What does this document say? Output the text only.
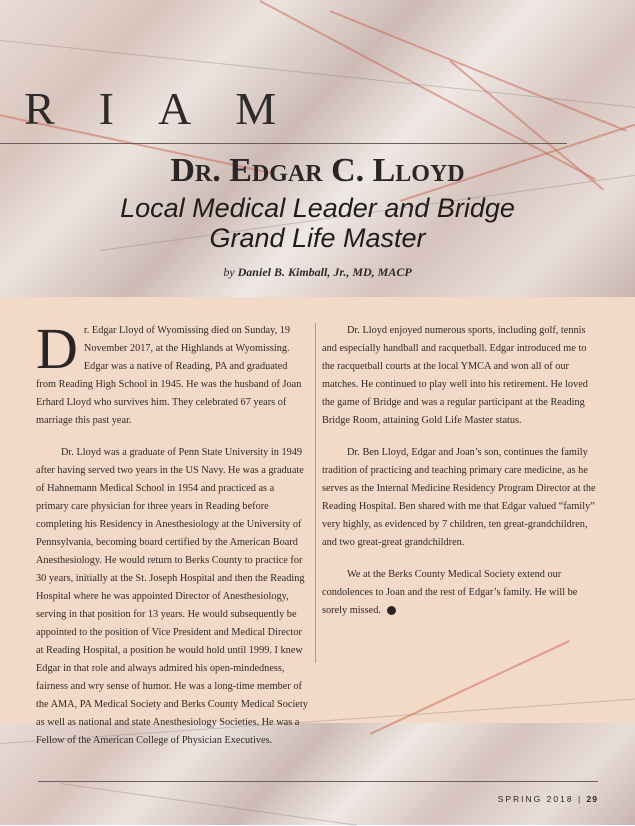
RIAM
Dr. Edgar C. Lloyd
Local Medical Leader and Bridge
Grand Life Master
by Daniel B. Kimball, Jr., MD, MACP

D r. Edgar Lloyd of Wyomissing died on Sunday, 19 November 2017, at the Highlands at Wyomissing. Edgar was a native of Reading, PA and graduated from Reading High School in 1945. He was the husband of Joan Erhard Lloyd who survives him. They celebrated 67 years of marriage this past year.

Dr. Lloyd was a graduate of Penn State University in 1949 after having served two years in the US Navy. He was a graduate of Hahnemann Medical School in 1954 and practiced as a primary care physician for three years in Reading before completing his Residency in Anesthesiology at the University of Pennsylvania, becoming board certified by the American Board Anesthesiology. He would return to Berks County to practice for 30 years, initially at the St. Joseph Hospital and then the Reading Hospital where he was appointed Director of Anesthesiology, serving in that position for 13 years. He would subsequently be appointed to the position of Vice President and Medical Director at Reading Hospital, a position he would hold until 1999. I knew Edgar in that role and always admired his open-mindedness, fairness and wry sense of humor. He was a long-time member of the AMA, PA Medical Society and Berks County Medical Society as well as national and state Anesthesiology Societies. He was a Fellow of the American College of Physician Executives.

Dr. Lloyd enjoyed numerous sports, including golf, tennis and especially handball and racquetball. Edgar introduced me to the racquetball courts at the local YMCA and won all of our matches. He continued to play well into his retirement. He loved the game of Bridge and was a regular participant at the Reading Bridge Room, attaining Gold Life Master status.

Dr. Ben Lloyd, Edgar and Joan’s son, continues the family tradition of practicing and teaching primary care medicine, as he serves as the Internal Medicine Residency Program Director at the Reading Hospital. Ben shared with me that Edgar valued “family” very highly, as evidenced by 7 children, ten great-grandchildren, and two great-great grandchildren.

We at the Berks County Medical Society extend our condolences to Joan and the rest of Edgar’s family. He will be sorely missed.

SPRING 2018 | 29
